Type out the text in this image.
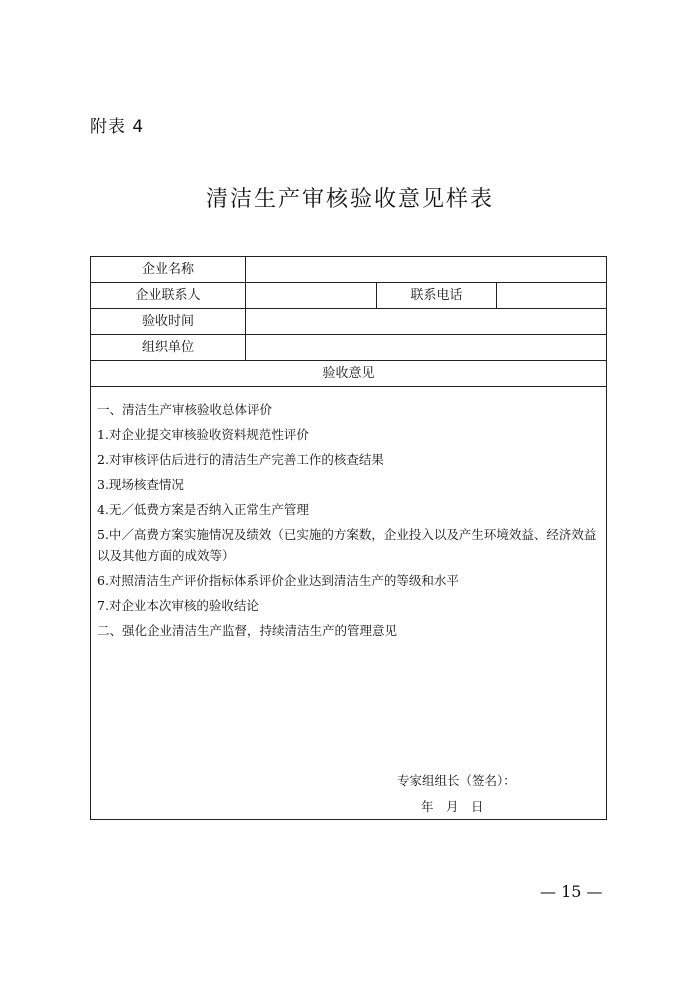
附表 4
清洁生产审核验收意见样表
企业名称
企业联系人	联系电话
验收时间
组织单位
验收意见

一、清洁生产审核验收总体评价

1.对企业提交审核验收资料规范性评价

2.对审核评估后进行的清洁生产完善工作的核查结果

3.现场核查情况

4.无／低费方案是否纳入正常生产管理

5.中／高费方案实施情况及绩效（已实施的方案数，企业投入以及产生环境效益、经济效益以及其他方面的成效等）

6.对照清洁生产评价指标体系评价企业达到清洁生产的等级和水平

7.对企业本次审核的验收结论

二、强化企业清洁生产监督，持续清洁生产的管理意见

专家组组长（签名）：
年　月　日
— 15 —
